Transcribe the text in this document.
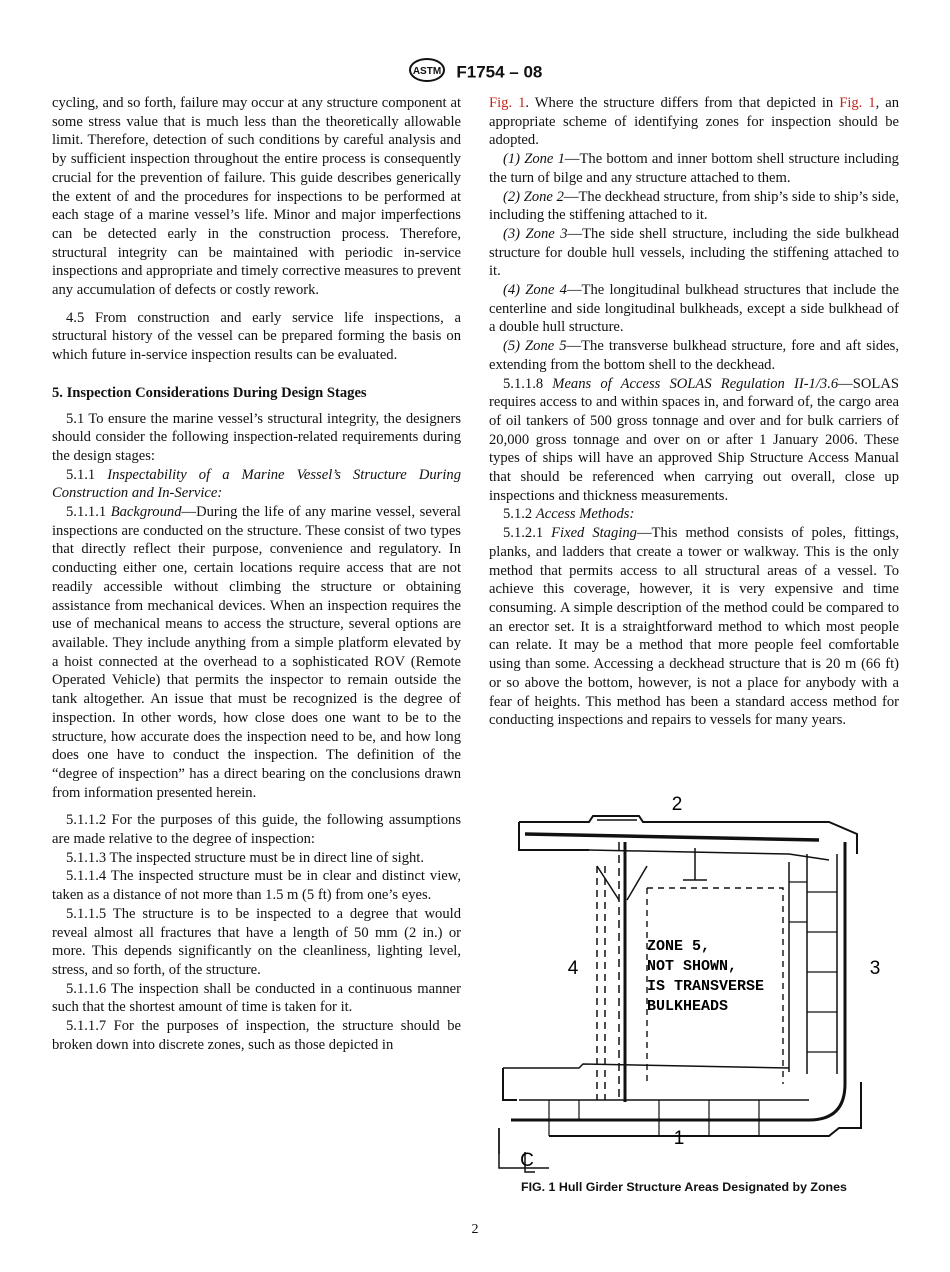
ASTM F1754 – 08

cycling, and so forth, failure may occur at any structure component at some stress value that is much less than the theoretically allowable limit. Therefore, detection of such conditions by careful analysis and by sufficient inspection throughout the entire process is consequently crucial for the prevention of failure. This guide describes generically the extent of and the procedures for inspections to be performed at each stage of a marine vessel’s life. Minor and major imperfections can be detected early in the construction process. Therefore, structural integrity can be maintained with periodic in-service inspections and appropriate and timely corrective measures to prevent any accumulation of defects or costly rework.

4.5 From construction and early service life inspections, a structural history of the vessel can be prepared forming the basis on which future in-service inspection results can be evaluated.

5. Inspection Considerations During Design Stages

5.1 To ensure the marine vessel’s structural integrity, the designers should consider the following inspection-related requirements during the design stages:

5.1.1 Inspectability of a Marine Vessel’s Structure During Construction and In-Service:

5.1.1.1 Background—During the life of any marine vessel, several inspections are conducted on the structure. These consist of two types that directly reflect their purpose, convenience and regulatory. In conducting either one, certain locations require access that are not readily accessible without climbing the structure or obtaining assistance from mechanical devices. When an inspection requires the use of mechanical means to access the structure, several options are available. They include anything from a simple platform elevated by a hoist connected at the overhead to a sophisticated ROV (Remote Operated Vehicle) that permits the inspector to remain outside the tank altogether. An issue that must be recognized is the degree of inspection. In other words, how close does one want to be to the structure, how accurate does the inspection need to be, and how long does one have to conduct the inspection. The definition of the “degree of inspection” has a direct bearing on the conclusions drawn from information presented herein.

5.1.1.2 For the purposes of this guide, the following assumptions are made relative to the degree of inspection:

5.1.1.3 The inspected structure must be in direct line of sight.

5.1.1.4 The inspected structure must be in clear and distinct view, taken as a distance of not more than 1.5 m (5 ft) from one’s eyes.

5.1.1.5 The structure is to be inspected to a degree that would reveal almost all fractures that have a length of 50 mm (2 in.) or more. This depends significantly on the cleanliness, lighting level, stress, and so forth, of the structure.

5.1.1.6 The inspection shall be conducted in a continuous manner such that the shortest amount of time is taken for it.

5.1.1.7 For the purposes of inspection, the structure should be broken down into discrete zones, such as those depicted in

Fig. 1. Where the structure differs from that depicted in Fig. 1, an appropriate scheme of identifying zones for inspection should be adopted.

(1) Zone 1—The bottom and inner bottom shell structure including the turn of bilge and any structure attached to them.

(2) Zone 2—The deckhead structure, from ship’s side to ship’s side, including the stiffening attached to it.

(3) Zone 3—The side shell structure, including the side bulkhead structure for double hull vessels, including the stiffening attached to it.

(4) Zone 4—The longitudinal bulkhead structures that include the centerline and side longitudinal bulkheads, except a side bulkhead of a double hull structure.

(5) Zone 5—The transverse bulkhead structure, fore and aft sides, extending from the bottom shell to the deckhead.

5.1.1.8 Means of Access SOLAS Regulation II-1/3.6—SOLAS requires access to and within spaces in, and forward of, the cargo area of oil tankers of 500 gross tonnage and over and for bulk carriers of 20,000 gross tonnage and over on or after 1 January 2006. These types of ships will have an approved Ship Structure Access Manual that should be referenced when carrying out overall, close up inspections and thickness measurements.

5.1.2 Access Methods:

5.1.2.1 Fixed Staging—This method consists of poles, fittings, planks, and ladders that create a tower or walkway. This is the only method that permits access to all structural areas of a vessel. To achieve this coverage, however, it is very expensive and time consuming. A simple description of the method could be compared to an erector set. It is a straightforward method to which most people can relate. It may be a method that more people feel comfortable using than some. Accessing a deckhead structure that is 20 m (66 ft) or so above the bottom, however, is not a place for anybody with a fear of heights. This method has been a standard access method for conducting inspections and repairs to vessels for many years.

2
4	3
1
C
ZONE 5,
NOT SHOWN,
IS TRANSVERSE
BULKHEADS
FIG. 1 Hull Girder Structure Areas Designated by Zones
2
